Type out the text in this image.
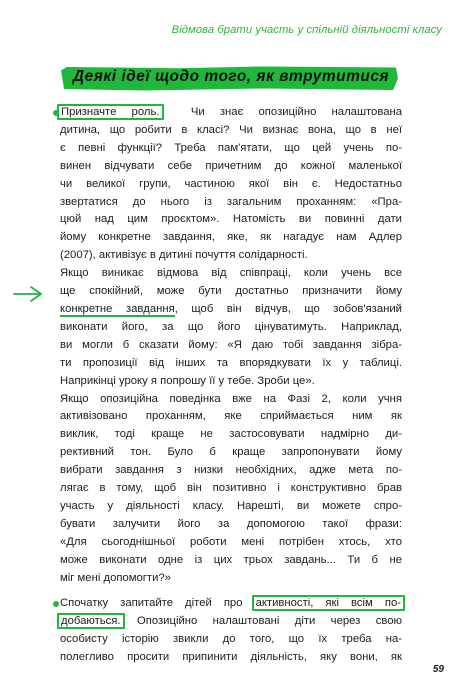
Відмова брати участь у спільній діяльності класу
Деякі ідеї щодо того, як втрутитися
Призначте роль.	Чи знає опозиційно налаштована
дитина, що робити в класі? Чи визнає вона, що в неї
є певні функції? Треба пам'ятати, що цей учень по-
винен відчувати себе причетним до кожної маленької
чи великої групи, частиною якої він є. Недостатньо
звертатися до нього із загальним проханням: «Пра-
цюй над цим проєктом». Натомість ви повинні дати
йому конкретне завдання, яке, як нагадує нам Адлер
(2007), активізує в дитині почуття солідарності.
Якщо виникає відмова від співпраці, коли учень все
ще спокійний, може бути достатньо призначити йому
конкретне завдання, щоб він відчув, що зобов'язаний
виконати його, за що його цінуватимуть. Наприклад,
ви могли б сказати йому: «Я даю тобі завдання зібра-
ти пропозиції від інших та впорядкувати їх у таблиці.
Наприкінці уроку я попрошу її у тебе. Зроби це».
Якщо опозиційна поведінка вже на Фазі 2, коли учня
активізовано проханням, яке сприймається ним як
виклик, тоді краще не застосовувати надмірно ди-
рективний тон. Було б краще запропонувати йому
вибрати завдання з низки необхідних, адже мета по-
лягає в тому, щоб він позитивно і конструктивно брав
участь у діяльності класу. Нарешті, ви можете спро-
бувати залучити його за допомогою такої фрази:
«Для сьогоднішньої роботи мені потрібен хтось, хто
може виконати одне із цих трьох завдань... Ти б не
міг мені допомогти?»
Спочатку запитайте дітей про активності, які всім по-
добаються. Опозиційно налаштовані діти через свою
особисту історію звикли до того, що їх треба на-
полегливо просити припинити діяльність, яку вони, як
59
